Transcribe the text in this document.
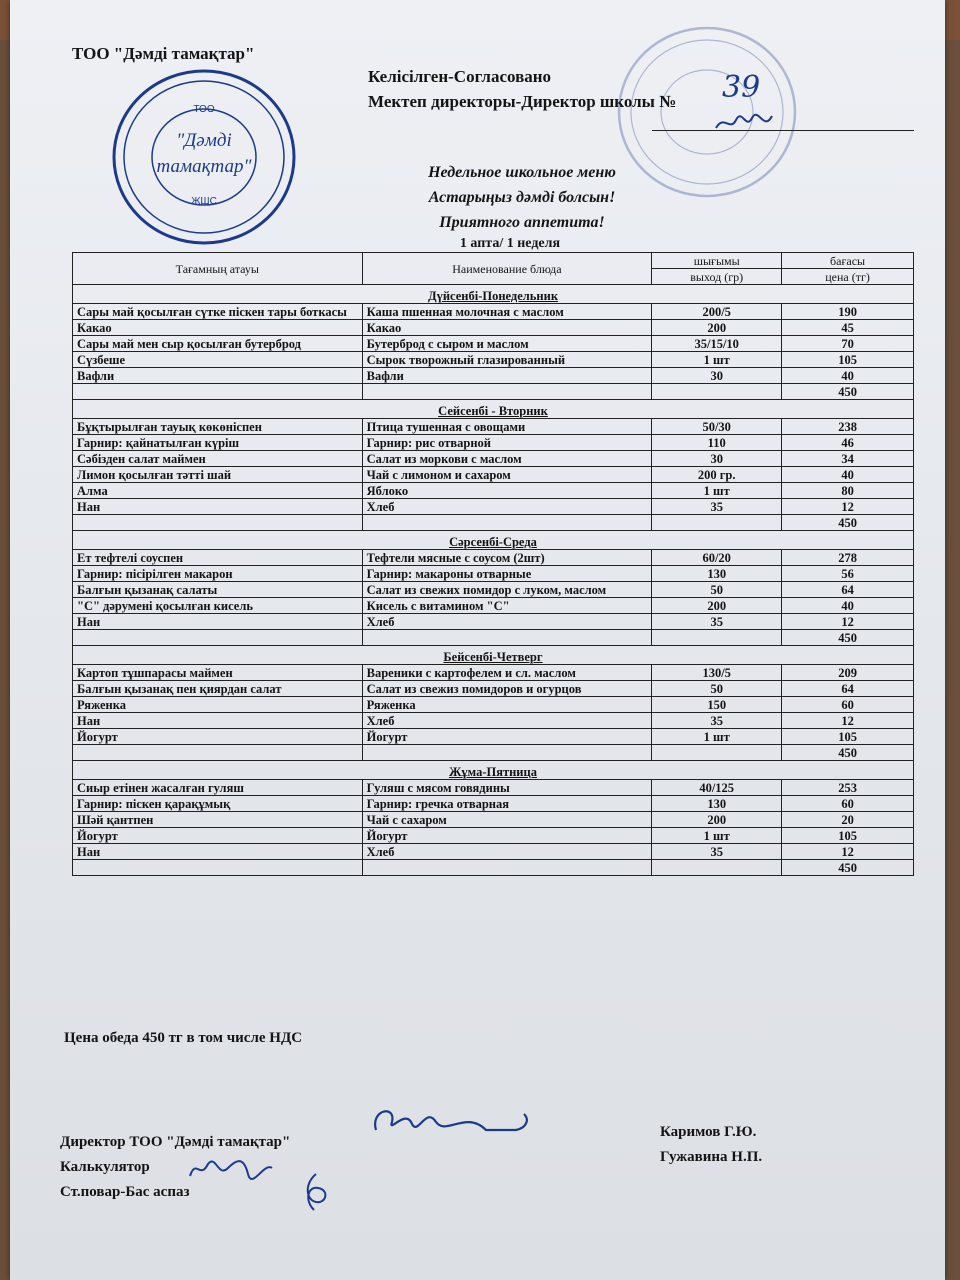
ТОО
"Дәмді
тамақтар"
ЖШС
ТОО "Дәмді тамақтар"
Келісілген-Согласовано
Мектеп директоры-Директор школы № 39
Недельное школьное меню
Астарыңыз дәмді болсын!
Приятного аппетита!
1 апта/ 1 неделя
Тағамның атауы	Наименование блюда	шығымы	бағасы
		выход (гр)	цена (тг)
Дүйсенбі-Понедельник			
Сары май қосылған сүтке піскен тары боткасы	Каша пшенная молочная с маслом	200/5	190
Какао	Какао	200	45
Сары май мен сыр қосылған бутерброд	Бутерброд с сыром и маслом	35/15/10	70
Сүзбеше	Сырок творожный глазированный	1 шт	105
Вафли	Вафли	30	40
			450
Сейсенбі - Вторник			
Бұқтырылған тауық көкөніспен	Птица тушенная с овощами	50/30	238
Гарнир: қайнатылған күріш	Гарнир: рис отварной	110	46
Сәбізден салат маймен	Салат из моркови с маслом	30	34
Лимон қосылған тәтті шай	Чай с лимоном и сахаром	200 гр.	40
Алма	Яблоко	1 шт	80
Нан	Хлеб	35	12
			450
Сәрсенбі-Среда			
Ет тефтелі соуспен	Тефтели мясные с соусом (2шт)	60/20	278
Гарнир: пісірілген макарон	Гарнир: макароны отварные	130	56
Балғын қызанақ салаты	Салат из свежих помидор с луком, маслом	50	64
"С" дәрумені қосылған кисель	Кисель с витамином "С"	200	40
Нан	Хлеб	35	12
			450
Бейсенбі-Четверг			
Картоп тұшпарасы маймен	Вареники с картофелем и сл. маслом	130/5	209
Балғын қызанақ пен қиярдан салат	Салат из свежиз помидоров и огурцов	50	64
Ряженка	Ряженка	150	60
Нан	Хлеб	35	12
Йогурт	Йогурт	1 шт	105
			450
Жұма-Пятница			
Сиыр етінен жасалған гуляш	Гуляш с мясом говядины	40/125	253
Гарнир: піскен қарақұмық	Гарнир: гречка отварная	130	60
Шәй қантпен	Чай с сахаром	200	20
Йогурт	Йогурт	1 шт	105
Нан	Хлеб	35	12
			450
Цена обеда 450 тг в том числе НДС
Директор ТОО "Дәмді тамақтар"
Калькулятор
Ст.повар-Бас аспаз
Каримов Г.Ю.
Гужавина Н.П.
